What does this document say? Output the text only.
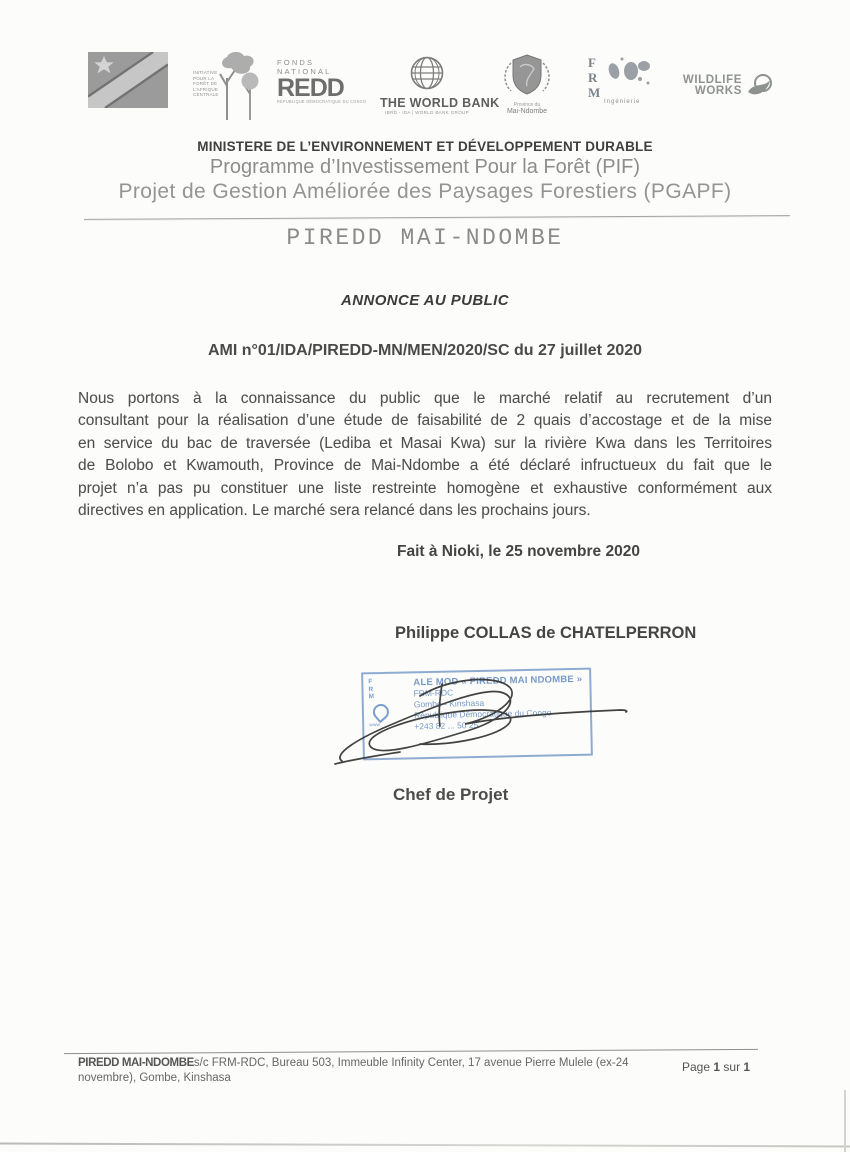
INITIATIVE
POUR LA
FORÊT DE
L’AFRIQUE
CENTRALE
FONDS NATIONAL
REDD
RÉPUBLIQUE DÉMOCRATIQUE DU CONGO THE WORLD BANK
IBRD - IDA | WORLD BANK GROUP
Province du
Mai-Ndombe
F
R
M
Ingénierie
WILDLIFE
WORKS
MINISTERE DE L’ENVIRONNEMENT ET DÉVELOPPEMENT DURABLE
Programme d’Investissement Pour la Forêt (PIF)
Projet de Gestion Améliorée des Paysages Forestiers (PGAPF)
PIREDD MAI-NDOMBE
ANNONCE AU PUBLIC
AMI n°01/IDA/PIREDD-MN/MEN/2020/SC du 27 juillet 2020
Nous portons à la connaissance du public que le marché relatif au recrutement d’un
consultant pour la réalisation d’une étude de faisabilité de 2 quais d’accostage et de la mise
en service du bac de traversée (Lediba et Masai Kwa) sur la rivière Kwa dans les Territoires
de Bolobo et Kwamouth, Province de Mai-Ndombe a été déclaré infructueux du fait que le
projet n’a pas pu constituer une liste restreinte homogène et exhaustive conformément aux
directives en application. Le marché sera relancé dans les prochains jours.
Fait à Nioki, le 25 novembre 2020
Philippe COLLAS de CHATELPERRON
F
R
M
www
ALE MOD « PIREDD MAI NDOMBE »
FRM-RDC
Gombe - Kinshasa
République Démocratique du Congo
+243 82 ... 50 25
Chef de Projet
PIREDD MAI-NDOMBEs/c FRM-RDC, Bureau 503, Immeuble Infinity Center, 17 avenue Pierre Mulele (ex-24 novembre), Gombe, Kinshasa
Page 1 sur 1
